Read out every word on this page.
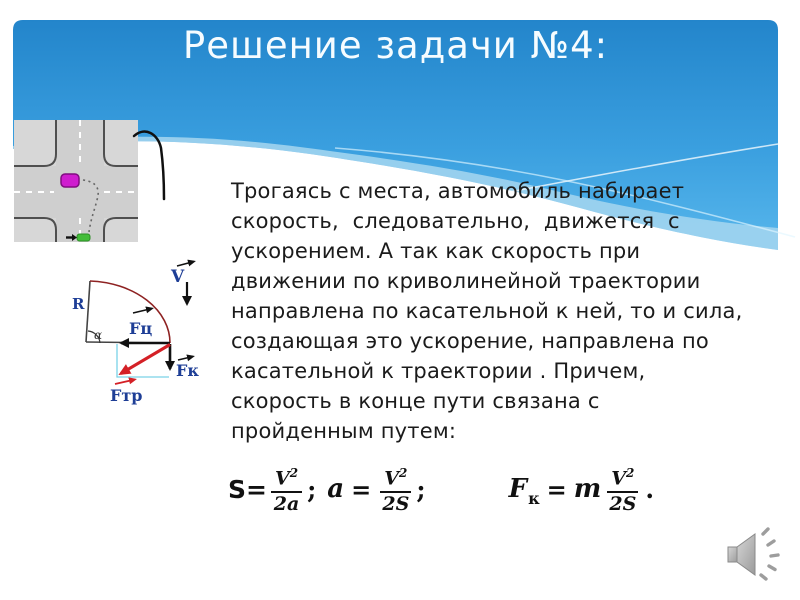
Решение задачи №4:
R
α
V
Fц
Fк
Fтр
Трогаясь с места, автомобиль набирает
скорость,  следовательно,  движется  с
ускорением. А так как скорость при
движении по криволинейной траектории
направлена по касательной к ней, то и сила,
создающая это ускорение, направлена по
касательной к траектории . Причем,
скорость в конце пути связана с
пройденным путем:
$S= \frac{V^2}{2a}$ ; $a = \frac{V^2}{2S}$ ;	F к = m $\frac{V^2}{2S}$ .
